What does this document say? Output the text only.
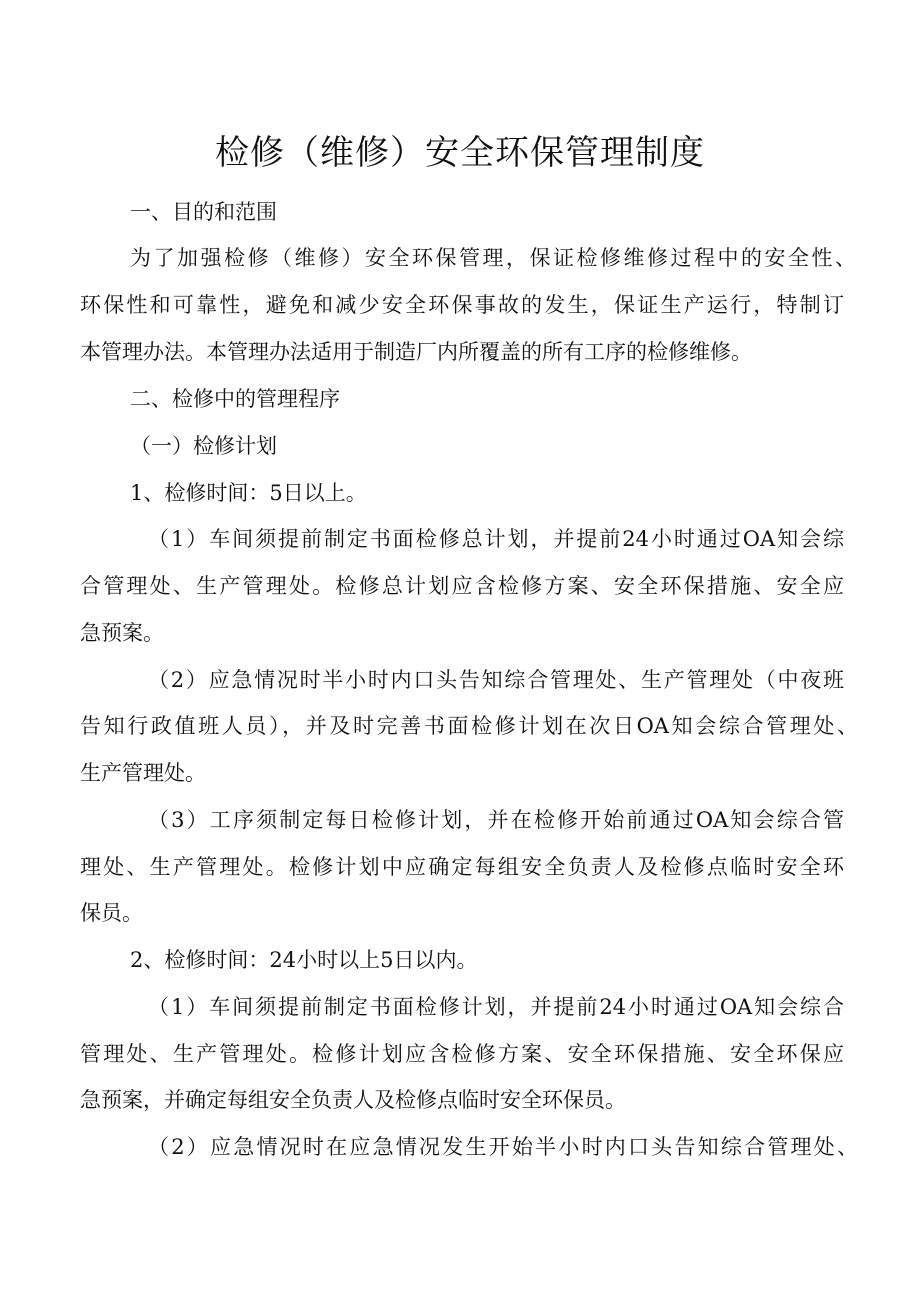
检修（维修）安全环保管理制度
一、目的和范围
为了加强检修（维修）安全环保管理，保证检修维修过程中的安全性、
环保性和可靠性，避免和减少安全环保事故的发生，保证生产运行，特制订
本管理办法。本管理办法适用于制造厂内所覆盖的所有工序的检修维修。
二、检修中的管理程序
（一）检修计划
1、检修时间：5日以上。
（1）车间须提前制定书面检修总计划，并提前24小时通过OA知会综
合管理处、生产管理处。检修总计划应含检修方案、安全环保措施、安全应
急预案。
（2）应急情况时半小时内口头告知综合管理处、生产管理处（中夜班
告知行政值班人员），并及时完善书面检修计划在次日OA知会综合管理处、
生产管理处。
（3）工序须制定每日检修计划，并在检修开始前通过OA知会综合管
理处、生产管理处。检修计划中应确定每组安全负责人及检修点临时安全环
保员。
2、检修时间：24小时以上5日以内。
（1）车间须提前制定书面检修计划，并提前24小时通过OA知会综合
管理处、生产管理处。检修计划应含检修方案、安全环保措施、安全环保应
急预案，并确定每组安全负责人及检修点临时安全环保员。
（2）应急情况时在应急情况发生开始半小时内口头告知综合管理处、
